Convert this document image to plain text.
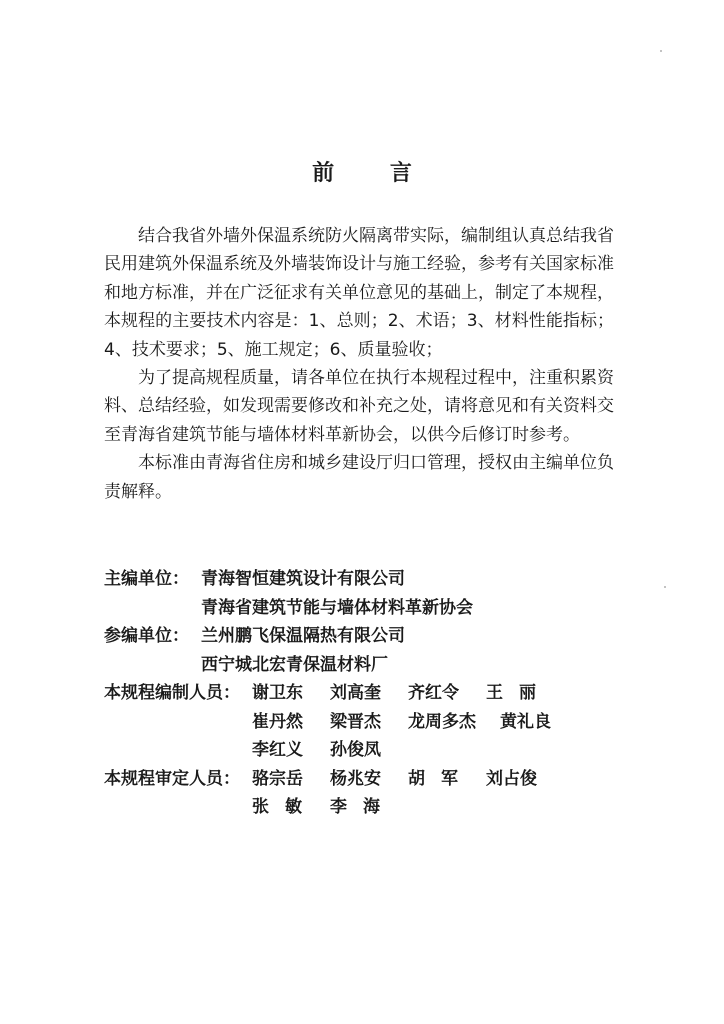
前 言

结合我省外墙外保温系统防火隔离带实际，编制组认真总结我省民用建筑外保温系统及外墙装饰设计与施工经验，参考有关国家标准和地方标准，并在广泛征求有关单位意见的基础上，制定了本规程，本规程的主要技术内容是：1、总则；2、术语；3、材料性能指标；4、技术要求；5、施工规定；6、质量验收；

为了提高规程质量，请各单位在执行本规程过程中，注重积累资料、总结经验，如发现需要修改和补充之处，请将意见和有关资料交至青海省建筑节能与墙体材料革新协会，以供今后修订时参考。

本标准由青海省住房和城乡建设厅归口管理，授权由主编单位负责解释。

主编单位： 青海智恒建筑设计有限公司
青海省建筑节能与墙体材料革新协会
参编单位： 兰州鹏飞保温隔热有限公司
西宁城北宏青保温材料厂
本规程编制人员： 谢卫东	刘高奎	齐红令	王丽
崔丹然	梁晋杰	龙周多杰	黄礼良
李红义	孙俊凤
本规程审定人员： 骆宗岳	杨兆安	胡军 刘占俊
张敏 李海
